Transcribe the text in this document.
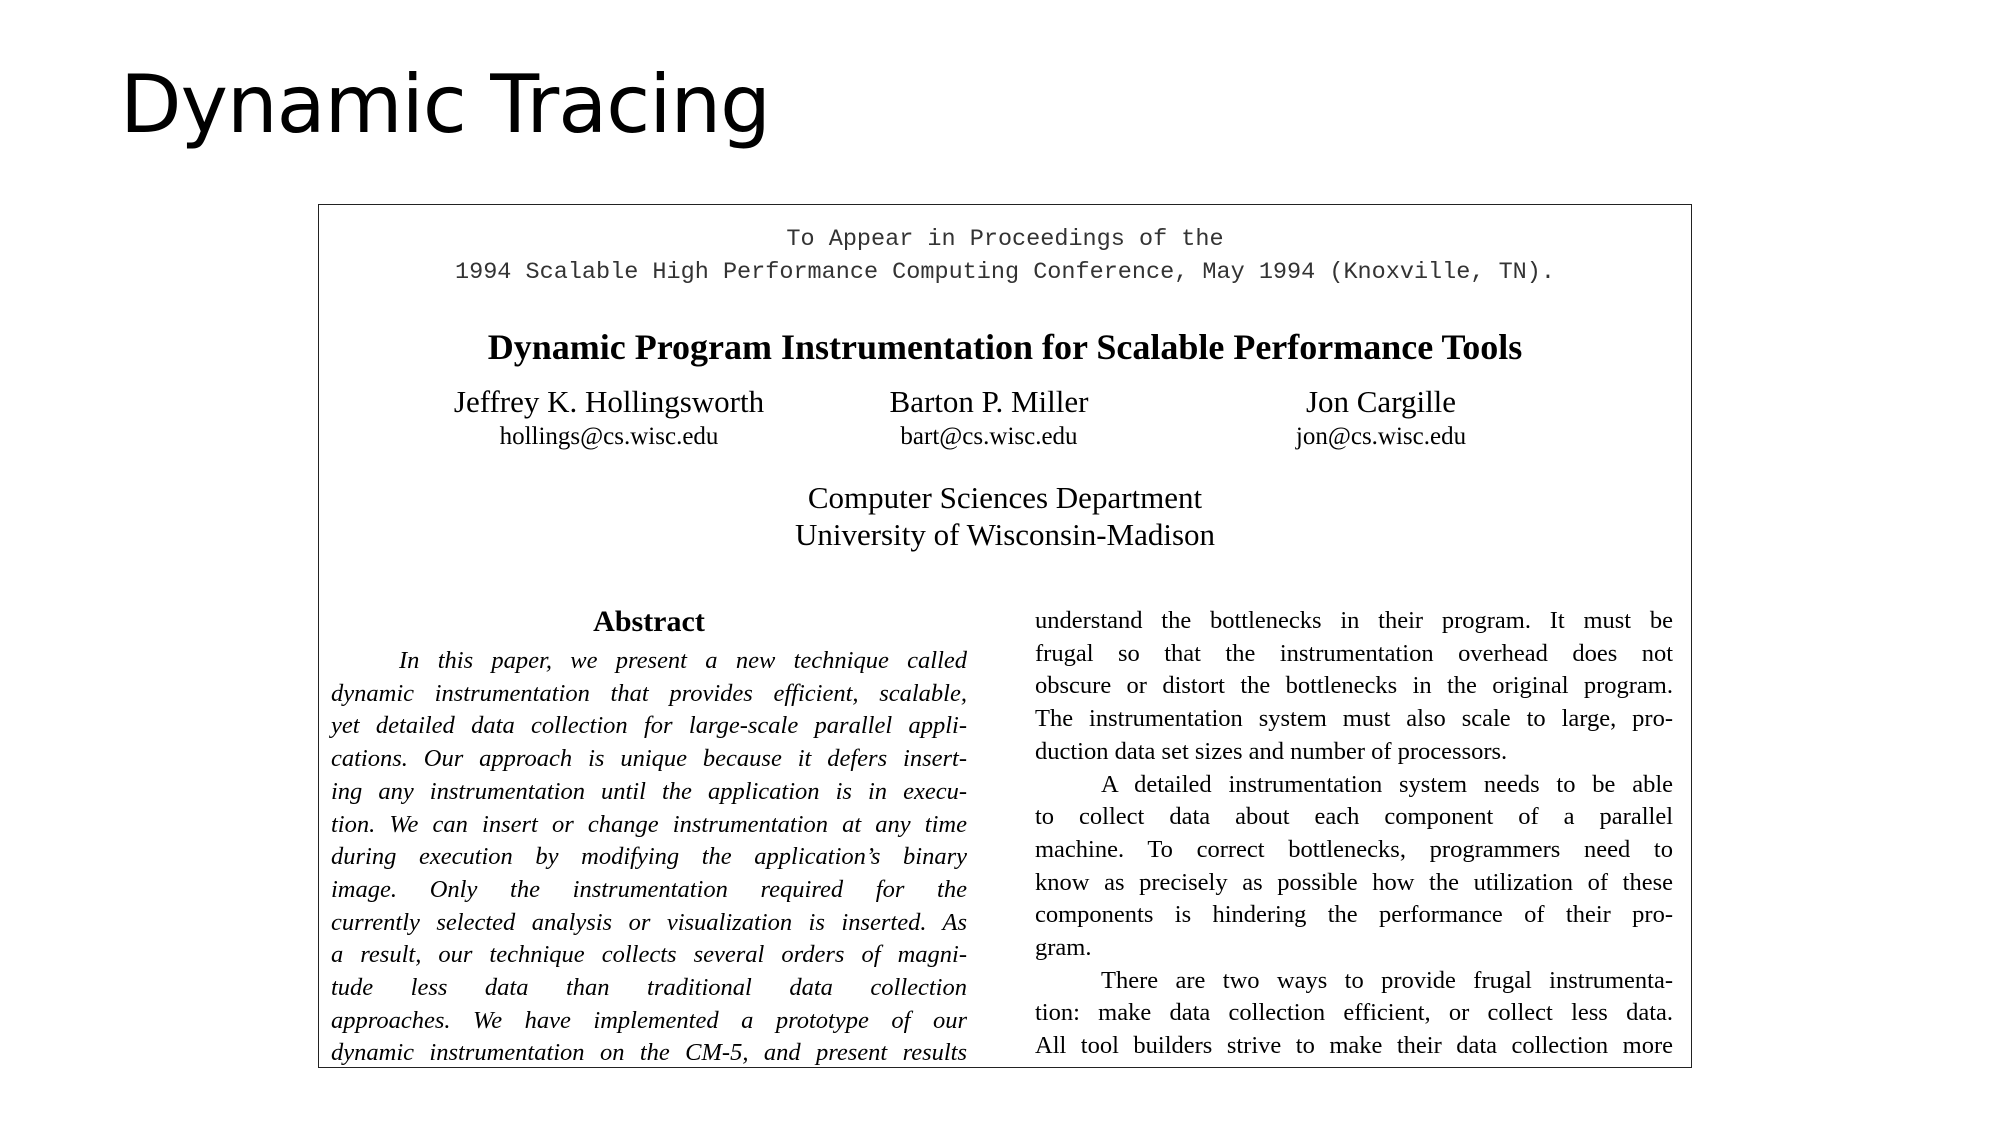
Dynamic Tracing
To Appear in Proceedings of the
1994 Scalable High Performance Computing Conference, May 1994 (Knoxville, TN).
Dynamic Program Instrumentation for Scalable Performance Tools
Jeffrey K. Hollingsworth
hollings@cs.wisc.edu
Barton P. Miller
bart@cs.wisc.edu
Jon Cargille
jon@cs.wisc.edu
Computer Sciences Department
University of Wisconsin-Madison
Abstract
In this paper, we present a new technique called
dynamic instrumentation that provides efficient, scalable,
yet detailed data collection for large-scale parallel appli-
cations. Our approach is unique because it defers insert-
ing any instrumentation until the application is in execu-
tion. We can insert or change instrumentation at any time
during execution by modifying the application’s binary
image. Only the instrumentation required for the
currently selected analysis or visualization is inserted. As
a result, our technique collects several orders of magni-
tude less data than traditional data collection
approaches. We have implemented a prototype of our
dynamic instrumentation on the CM-5, and present results
understand the bottlenecks in their program. It must be
frugal so that the instrumentation overhead does not
obscure or distort the bottlenecks in the original program.
The instrumentation system must also scale to large, pro-
duction data set sizes and number of processors.
A detailed instrumentation system needs to be able
to collect data about each component of a parallel
machine. To correct bottlenecks, programmers need to
know as precisely as possible how the utilization of these
components is hindering the performance of their pro-
gram.
There are two ways to provide frugal instrumenta-
tion: make data collection efficient, or collect less data.
All tool builders strive to make their data collection more
